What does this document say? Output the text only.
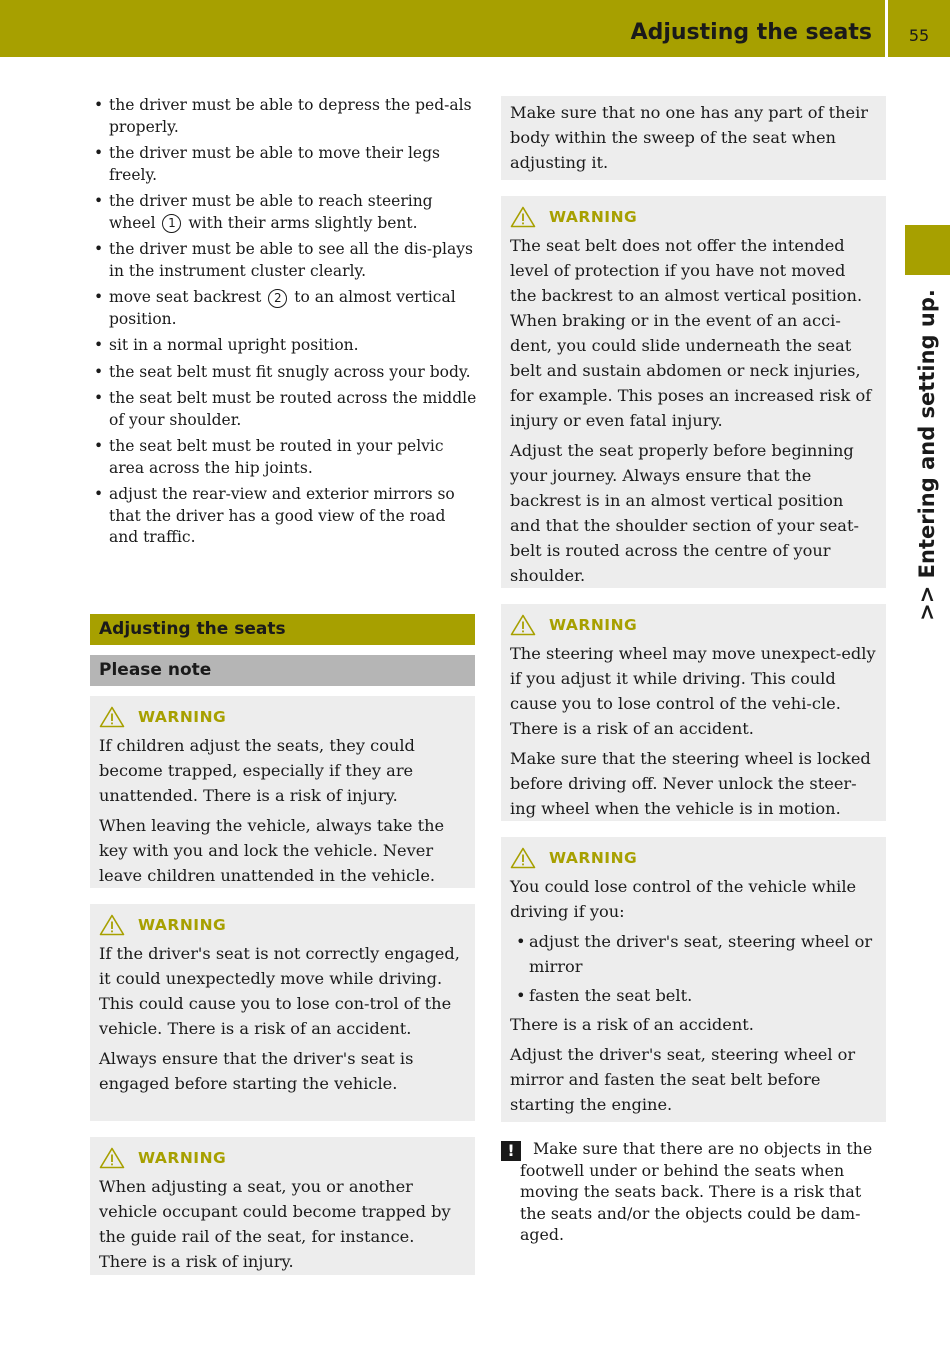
Adjusting the seats	55
>> Entering and setting up.
• the driver must be able to depress the ped-als properly.
• the driver must be able to move their legs freely.
• the driver must be able to reach steering wheel 1 with their arms slightly bent.
• the driver must be able to see all the dis-plays in the instrument cluster clearly.
• move seat backrest 2 to an almost vertical position.
• sit in a normal upright position.
• the seat belt must fit snugly across your body.
• the seat belt must be routed across the middle of your shoulder.
• the seat belt must be routed in your pelvic area across the hip joints.
• adjust the rear-view and exterior mirrors so that the driver has a good view of the road and traffic.
Adjusting the seats
Please note
WARNING

If children adjust the seats, they could become trapped, especially if they are unattended. There is a risk of injury.

When leaving the vehicle, always take the key with you and lock the vehicle. Never leave children unattended in the vehicle.

WARNING

If the driver's seat is not correctly engaged, it could unexpectedly move while driving. This could cause you to lose con-trol of the vehicle. There is a risk of an accident.

Always ensure that the driver's seat is engaged before starting the vehicle.

WARNING

When adjusting a seat, you or another vehicle occupant could become trapped by the guide rail of the seat, for instance. There is a risk of injury.

Make sure that no one has any part of their body within the sweep of the seat when adjusting it.

WARNING

The seat belt does not offer the intended level of protection if you have not moved the backrest to an almost vertical position. When braking or in the event of an acci-dent, you could slide underneath the seat belt and sustain abdomen or neck injuries, for example. This poses an increased risk of injury or even fatal injury.

Adjust the seat properly before beginning your journey. Always ensure that the backrest is in an almost vertical position and that the shoulder section of your seat-belt is routed across the centre of your shoulder.

WARNING

The steering wheel may move unexpect-edly if you adjust it while driving. This could cause you to lose control of the vehi-cle. There is a risk of an accident.

Make sure that the steering wheel is locked before driving off. Never unlock the steer-ing wheel when the vehicle is in motion.

WARNING

You could lose control of the vehicle while driving if you:

• adjust the driver's seat, steering wheel or mirror
• fasten the seat belt.

There is a risk of an accident.

Adjust the driver's seat, steering wheel or mirror and fasten the seat belt before starting the engine.

!	Make sure that there are no objects in the
footwell under or behind the seats when
moving the seats back. There is a risk that
the seats and/or the objects could be dam-
aged.
